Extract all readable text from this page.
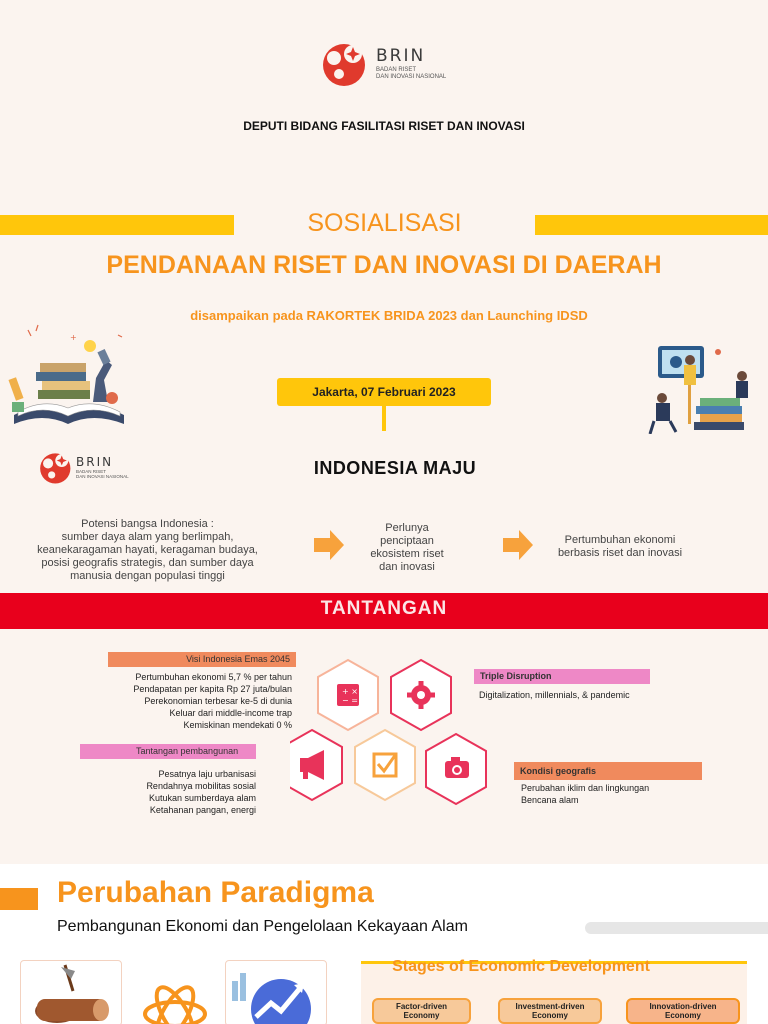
BRIN
BADAN RISET
DAN INOVASI NASIONAL
DEPUTI BIDANG FASILITASI RISET DAN INOVASI
SOSIALISASI
PENDANAAN RISET DAN INOVASI DI DAERAH
disampaikan pada RAKORTEK BRIDA 2023 dan Launching IDSD
Jakarta, 07 Februari 2023
+
BRIN
BADAN RISET
DAN INOVASI NASIONAL	INDONESIA MAJU
Potensi bangsa Indonesia :
sumber daya alam yang berlimpah,
keanekaragaman hayati, keragaman budaya,
posisi geografis strategis, dan sumber daya
manusia dengan populasi tinggi
Perlunya
penciptaan
ekosistem riset
dan inovasi
Pertumbuhan ekonomi
berbasis riset dan inovasi
TANTANGAN
Visi Indonesia Emas 2045
Pertumbuhan ekonomi 5,7 % per tahun
Pendapatan per kapita Rp 27 juta/bulan
Perekonomian terbesar ke-5 di dunia
Keluar dari middle-income trap
Kemiskinan mendekati 0 %
Tantangan pembangunan
Pesatnya laju urbanisasi
Rendahnya mobilitas sosial
Kutukan sumberdaya alam
Ketahanan pangan, energi
+ ×
− =
Triple Disruption
Digitalization, millennials, & pandemic
Kondisi geografis
Perubahan iklim dan lingkungan
Bencana alam
Perubahan Paradigma
Pembangunan Ekonomi dan Pengelolaan Kekayaan Alam
Stages of Economic Development
Factor-driven
Economy
Investment-driven
Economy
Innovation-driven
Economy
